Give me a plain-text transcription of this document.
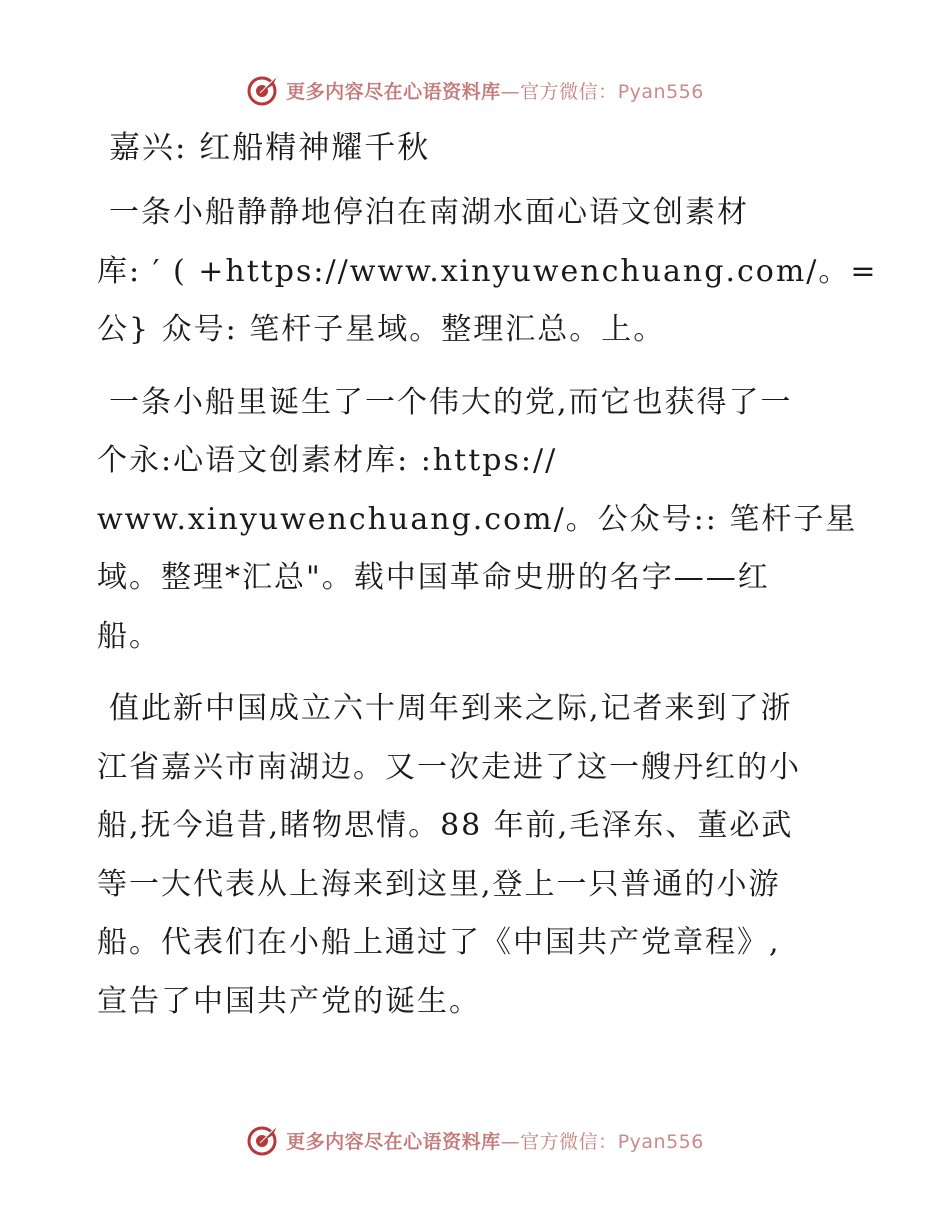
更多内容尽在心语资料库—官方微信：Pyan556
嘉兴: 红船精神耀千秋
一条小船静静地停泊在南湖水面心语文创素材
库: ′ ( +https://www.xinyuwenchuang.com/。=
公} 众号: 笔杆子星域。整理汇总。上。
一条小船里诞生了一个伟大的党,而它也获得了一
个永:心语文创素材库: :https://
www.xinyuwenchuang.com/。公众号:: 笔杆子星
域。整理*汇总"。载中国革命史册的名字——红
船。
值此新中国成立六十周年到来之际,记者来到了浙
江省嘉兴市南湖边。又一次走进了这一艘丹红的小
船,抚今追昔,睹物思情。88 年前,毛泽东、董必武
等一大代表从上海来到这里,登上一只普通的小游
船。代表们在小船上通过了《中国共产党章程》,
宣告了中国共产党的诞生。
更多内容尽在心语资料库—官方微信：Pyan556
